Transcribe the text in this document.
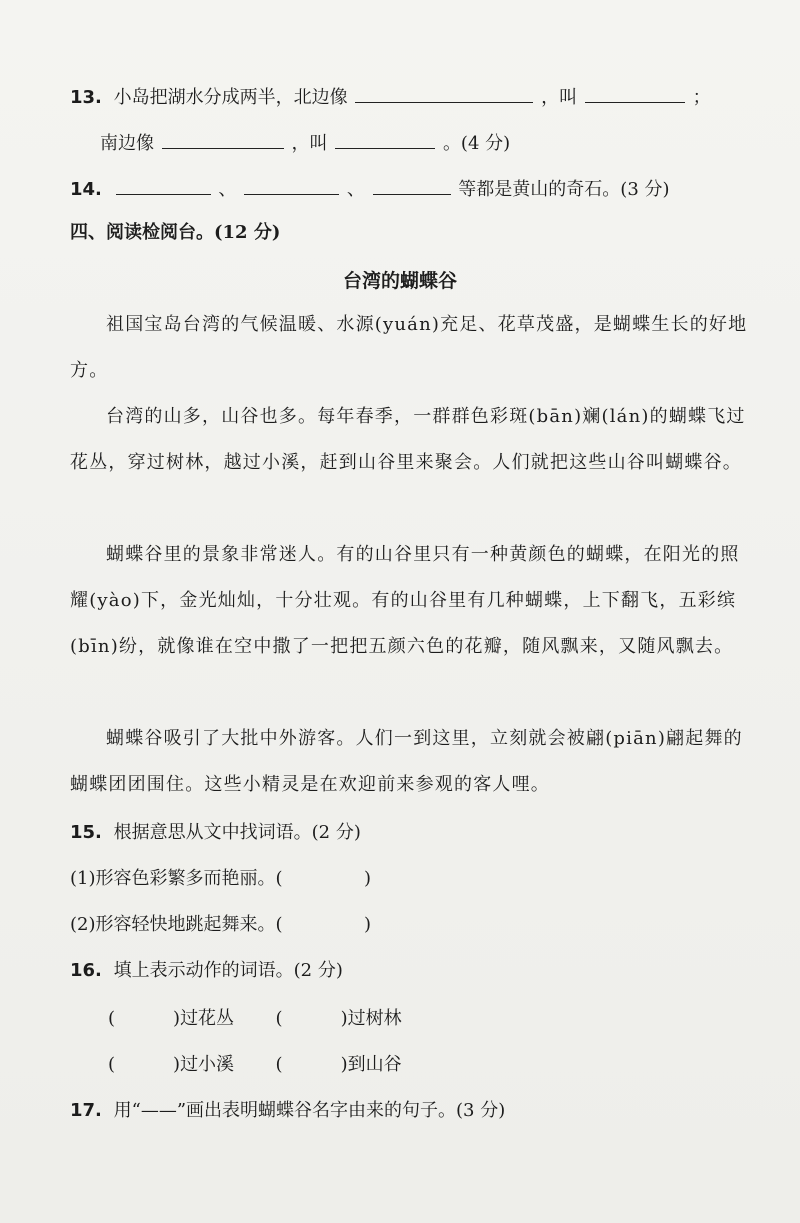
13. 小岛把湖水分成两半，北边像	，叫	；
南边像	，叫	。(4 分)
14.	、	、	等都是黄山的奇石。(3 分)
四、阅读检阅台。(12 分)
台湾的蝴蝶谷
祖国宝岛台湾的气候温暖、水源(yuán)充足、花草茂盛，是蝴蝶生长的好地方。
台湾的山多，山谷也多。每年春季，一群群色彩斑(bān)斓(lán)的蝴蝶飞过花丛，穿过树林，越过小溪，赶到山谷里来聚会。人们就把这些山谷叫蝴蝶谷。
蝴蝶谷里的景象非常迷人。有的山谷里只有一种黄颜色的蝴蝶，在阳光的照耀(yào)下，金光灿灿，十分壮观。有的山谷里有几种蝴蝶，上下翻飞，五彩缤(bīn)纷，就像谁在空中撒了一把把五颜六色的花瓣，随风飘来，又随风飘去。
蝴蝶谷吸引了大批中外游客。人们一到这里，立刻就会被翩(piān)翩起舞的蝴蝶团团围住。这些小精灵是在欢迎前来参观的客人哩。
15. 根据意思从文中找词语。(2 分)
(1)形容色彩繁多而艳丽。(	)
(2)形容轻快地跳起舞来。(	)
16. 填上表示动作的词语。(2 分)
(	)过花丛 (	)过树林
(	)过小溪 (	)到山谷
17. 用“——”画出表明蝴蝶谷名字由来的句子。(3 分)
